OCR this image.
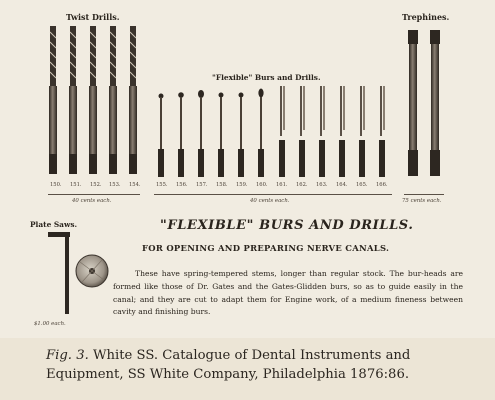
Twist Drills.	Trephines.
"Flexible" Burs and Drills.
Plate Saws.
150. 151. 152. 153. 154.
40 cents each.
155. 156. 157. 158. 159. 160. 161. 162. 163. 164. 165. 166.
40 cents each.	75 cents each.
$1.00 each.
"FLEXIBLE" BURS AND DRILLS.
FOR OPENING AND PREPARING NERVE CANALS.

These have spring-tempered stems, longer than regular stock. The bur-heads are formed like those of Dr. Gates and the Gates-Glidden burs, so as to guide easily in the canal; and they are cut to adapt them for Engine work, of a medium fineness between cavity and finishing burs.

Fig. 3. White SS. Catalogue of Dental Instruments and Equipment, SS White Company, Philadelphia 1876:86.
